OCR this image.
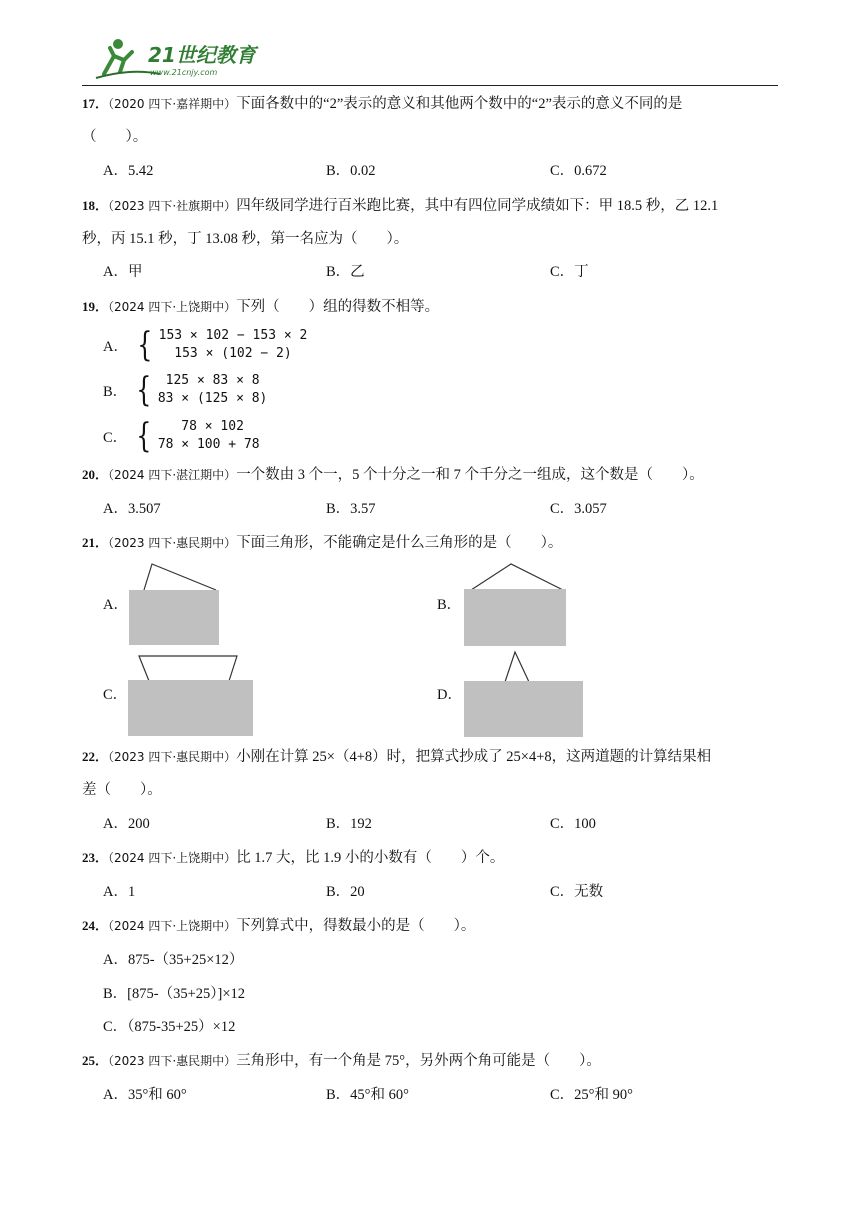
21世纪教育
www.21cnjy.com
17．（2020 四下·嘉祥期中）下面各数中的“2”表示的意义和其他两个数中的“2”表示的意义不同的是
（　　）。
A．5.42	B．0.02	C．0.672
18．（2023 四下·社旗期中）四年级同学进行百米跑比赛，其中有四位同学成绩如下：甲 18.5 秒，乙 12.1
秒，丙 15.1 秒，丁 13.08 秒，第一名应为（　　）。
A．甲	B．乙	C．丁
19．（2024 四下·上饶期中）下列（　　）组的得数不相等。
A． { 153 × 102 − 153 × 2
153 × (102 − 2)
B． { 125 × 83 × 8
83 × (125 × 8)
C． { 78 × 102
78 × 100 + 78
20．（2024 四下·湛江期中）一个数由 3 个一，5 个十分之一和 7 个千分之一组成，这个数是（　　）。
A．3.507	B．3.57	C．3.057
21．（2023 四下·惠民期中）下面三角形，不能确定是什么三角形的是（　　）。
A．	B．
C．	D．
22．（2023 四下·惠民期中）小刚在计算 25×（4+8）时，把算式抄成了 25×4+8，这两道题的计算结果相
差（　　）。
A．200	B．192	C．100
23．（2024 四下·上饶期中）比 1.7 大，比 1.9 小的小数有（　　）个。
A．1	B．20	C．无数
24．（2024 四下·上饶期中）下列算式中，得数最小的是（　　）。
A．875-（35+25×12）
B．[875-（35+25）]×12
C．（875-35+25）×12
25．（2023 四下·惠民期中）三角形中，有一个角是 75°，另外两个角可能是（　　）。
A．35°和 60°	B．45°和 60°	C．25°和 90°
